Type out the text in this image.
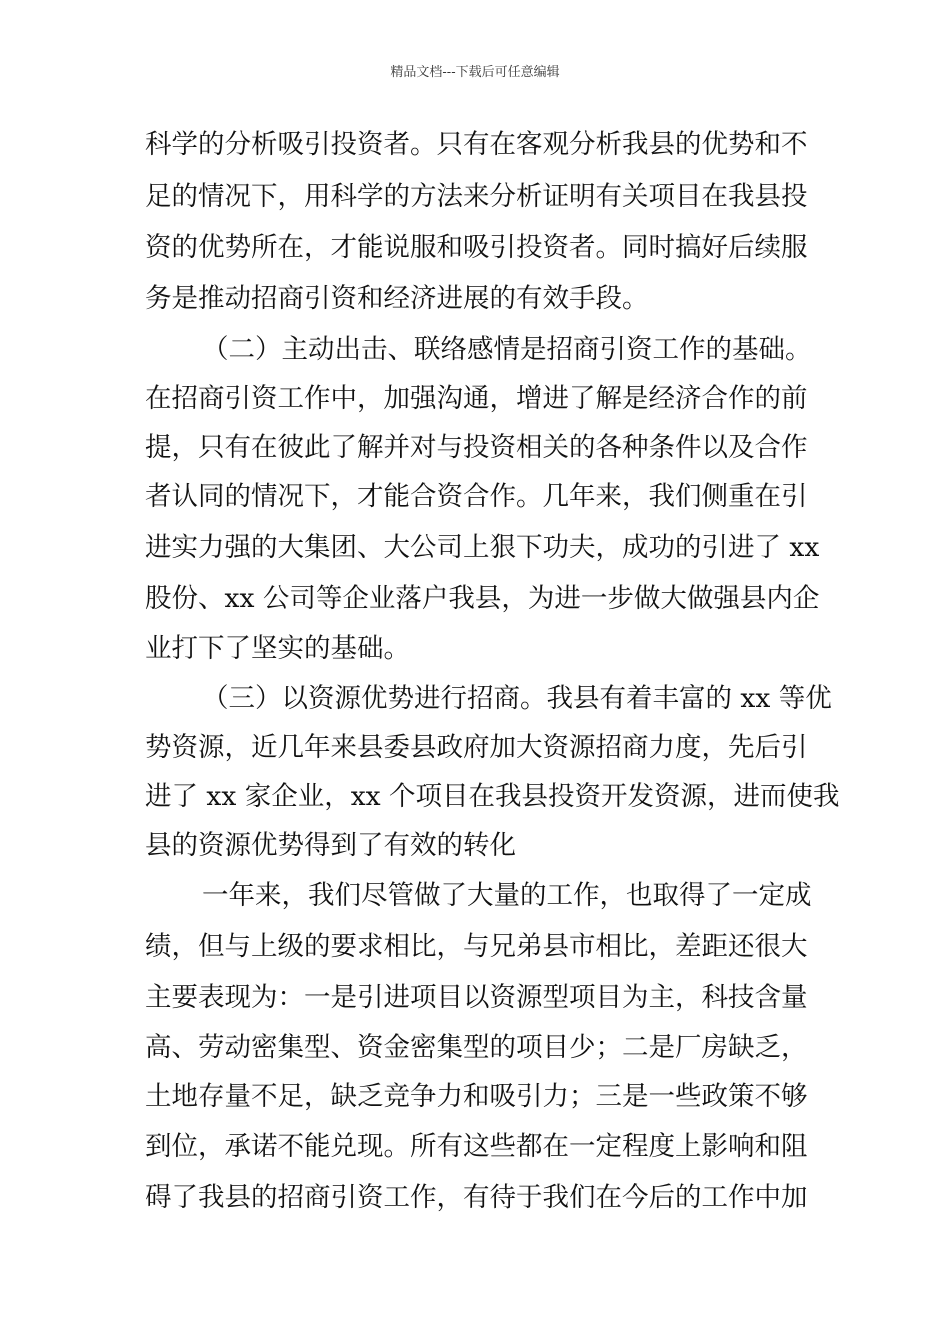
精品文档---下载后可任意编辑
科学的分析吸引投资者。只有在客观分析我县的优势和不
足的情况下，用科学的方法来分析证明有关项目在我县投
资的优势所在，才能说服和吸引投资者。同时搞好后续服
务是推动招商引资和经济进展的有效手段。
（二）主动出击、联络感情是招商引资工作的基础。
在招商引资工作中，加强沟通，增进了解是经济合作的前
提，只有在彼此了解并对与投资相关的各种条件以及合作
者认同的情况下，才能合资合作。几年来，我们侧重在引
进实力强的大集团、大公司上狠下功夫，成功的引进了 xx
股份、xx 公司等企业落户我县，为进一步做大做强县内企
业打下了坚实的基础。
（三）以资源优势进行招商。我县有着丰富的 xx 等优
势资源，近几年来县委县政府加大资源招商力度，先后引
进了 xx 家企业，xx 个项目在我县投资开发资源，进而使我
县的资源优势得到了有效的转化
一年来，我们尽管做了大量的工作，也取得了一定成
绩，但与上级的要求相比，与兄弟县市相比，差距还很大
主要表现为：一是引进项目以资源型项目为主，科技含量
高、劳动密集型、资金密集型的项目少；二是厂房缺乏，
土地存量不足，缺乏竞争力和吸引力；三是一些政策不够
到位，承诺不能兑现。所有这些都在一定程度上影响和阻
碍了我县的招商引资工作，有待于我们在今后的工作中加
